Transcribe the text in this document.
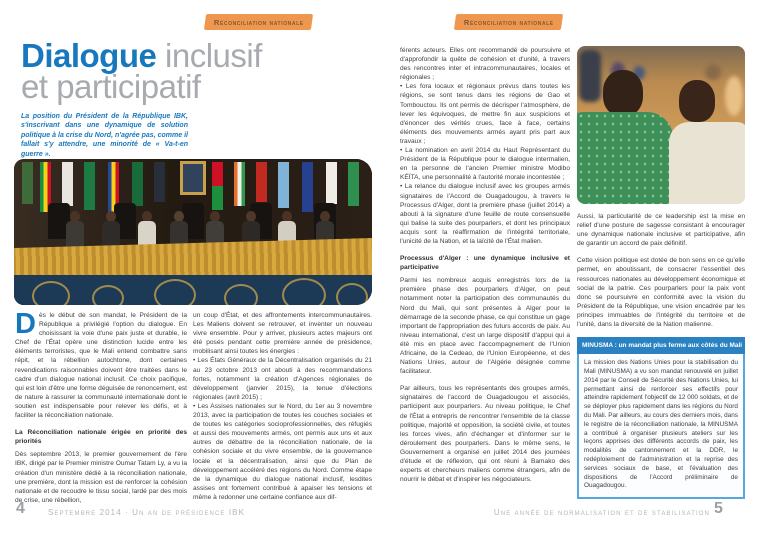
Réconciliation nationale
Dialogue inclusif
et participatif
La position du Président de la République IBK, s'inscrivant dans une dynamique de solution politique à la crise du Nord, n'agrée pas, comme il fallait s'y attendre, une minorité de « Va-t-en guerre ».

Dès le début de son mandat, le Président de la République a privilégié l'option du dialogue. En choisissant la voie d'une paix juste et durable, le Chef de l'État opère une distinction lucide entre les éléments terroristes, que le Mali entend combattre sans répit, et la rébellion autochtone, dont certaines revendications raisonnables doivent être traitées dans le cadre d'un dialogue national inclusif. Ce choix pacifique, qui est loin d'être une forme déguisée de renoncement, est de nature à rassurer la communauté internationale dont le soutien est indispensable pour relever les défis, et à faciliter la réconciliation nationale.

La Réconciliation nationale érigée en priorité des priorités

Dès septembre 2013, le premier gouvernement de l'ère IBK, dirigé par le Premier ministre Oumar Tatam Ly, a vu la création d'un ministère dédié à la réconciliation nationale, une première, dont la mission est de renforcer la cohésion nationale et de recoudre le tissu social, lardé par des mois de crise, une rébellion,

un coup d'État, et des affrontements intercommunautaires. Les Maliens doivent se retrouver, et inventer un nouveau vivre ensemble. Pour y arriver, plusieurs actes majeurs ont été posés pendant cette première année de présidence, mobilisant ainsi toutes les énergies :

• Les États Généraux de la Décentralisation organisés du 21 au 23 octobre 2013 ont abouti à des recommandations fortes, notamment la création d'Agences régionales de développement (janvier 2015), la tenue d'élections régionales (avril 2015) ;

• Les Assises nationales sur le Nord, du 1er au 3 novembre 2013, avec la participation de toutes les couches sociales et de toutes les catégories socioprofessionnelles, des réfugiés et aussi des mouvements armés, ont permis aux uns et aux autres de débattre de la réconciliation nationale, de la cohésion sociale et du vivre ensemble, de la gouvernance locale et la décentralisation, ainsi que du Plan de développement accéléré des régions du Nord. Comme étape de la dynamique du dialogue national inclusif, lesdites assises ont fortement contribué à apaiser les tensions et même à redonner une certaine confiance aux dif-

4	Septembre 2014 · Un an de présidence IBK
Réconciliation nationale

férents acteurs. Elles ont recommandé de poursuivre et d'approfondir la quête de cohésion et d'unité, à travers des rencontres inter et intracommunautaires, locales et régionales ;

• Les fora locaux et régionaux prévus dans toutes les régions, se sont tenus dans les régions de Gao et Tombouctou. Ils ont permis de décrisper l'atmosphère, de lever les équivoques, de mettre fin aux suspicions et d'énoncer des vérités crues, face à face, certains éléments des mouvements armés ayant pris part aux travaux ;

• La nomination en avril 2014 du Haut Représentant du Président de la République pour le dialogue intermalien, en la personne de l'ancien Premier ministre Modibo KÉÏTA, une personnalité à l'autorité morale incontestée ;

• La relance du dialogue inclusif avec les groupes armés signataires de l'Accord de Ouagadougou, à travers le Processus d'Alger, dont la première phase (juillet 2014) a abouti à la signature d'une feuille de route consensuelle qui balise la suite des pourparlers, et dont les principaux acquis sont la réaffirmation de l'intégrité territoriale, l'unicité de la Nation, et la laïcité de l'État malien.

Processus d'Alger : une dynamique inclusive et participative

Parmi les nombreux acquis enregistrés lors de la première phase des pourparlers d'Alger, on peut notamment noter la participation des communautés du Nord du Mali, qui sont présentes à Alger pour le démarrage de la seconde phase, ce qui constitue un gage important de l'appropriation des futurs accords de paix. Au niveau international, c'est un large dispositif d'appui qui a été mis en place avec l'accompagnement de l'Union Africaine, de la Cedeao, de l'Union Européenne, et des Nations Unies, autour de l'Algérie désignée comme facilitateur.

Par ailleurs, tous les représentants des groupes armés, signataires de l'accord de Ouagadougou et associés, participent aux pourparlers. Au niveau politique, le Chef de l'État a entrepris de rencontrer l'ensemble de la classe politique, majorité et opposition, la société civile, et toutes les forces vives, afin d'échanger et d'informer sur le déroulement des pourparlers. Dans le même sens, le Gouvernement a organisé en juillet 2014 des journées d'étude et de réflexion, qui ont réuni à Bamako des experts et chercheurs maliens comme étrangers, afin de nourrir le débat et d'inspirer les négociateurs.

Aussi, la particularité de ce leadership est la mise en relief d'une posture de sagesse consistant à encourager une dynamique nationale inclusive et participative, afin de garantir un accord de paix définitif.

Cette vision politique est dotée de bon sens en ce qu'elle permet, en aboutissant, de consacrer l'essentiel des ressources nationales au développement économique et social de la patrie. Ces pourparlers pour la paix vont donc se poursuivre en conformité avec la vision du Président de la République, une vision encadrée par les principes immuables de l'intégrité du territoire et de l'unité, dans la diversité de la Nation malienne.

MINUSMA : un mandat plus ferme aux côtés du Mali
La mission des Nations Unies pour la stabilisation du Mali (MINUSMA) a vu son mandat renouvelé en juillet 2014 par le Conseil de Sécurité des Nations Unies, lui permettant ainsi de renforcer ses effectifs pour atteindre rapidement l'objectif de 12 000 soldats, et de se déployer plus rapidement dans les régions du Nord du Mali. Par ailleurs, au cours des derniers mois, dans le registre de la réconciliation nationale, la MINUSMA a contribué à organiser plusieurs ateliers sur les leçons apprises des différents accords de paix, les modalités de cantonnement et la DDR, le redéploiement de l'administration et la reprise des services sociaux de base, et l'évaluation des dispositions de l'Accord préliminaire de Ouagadougou.
Une année de normalisation et de stabilisation 5
